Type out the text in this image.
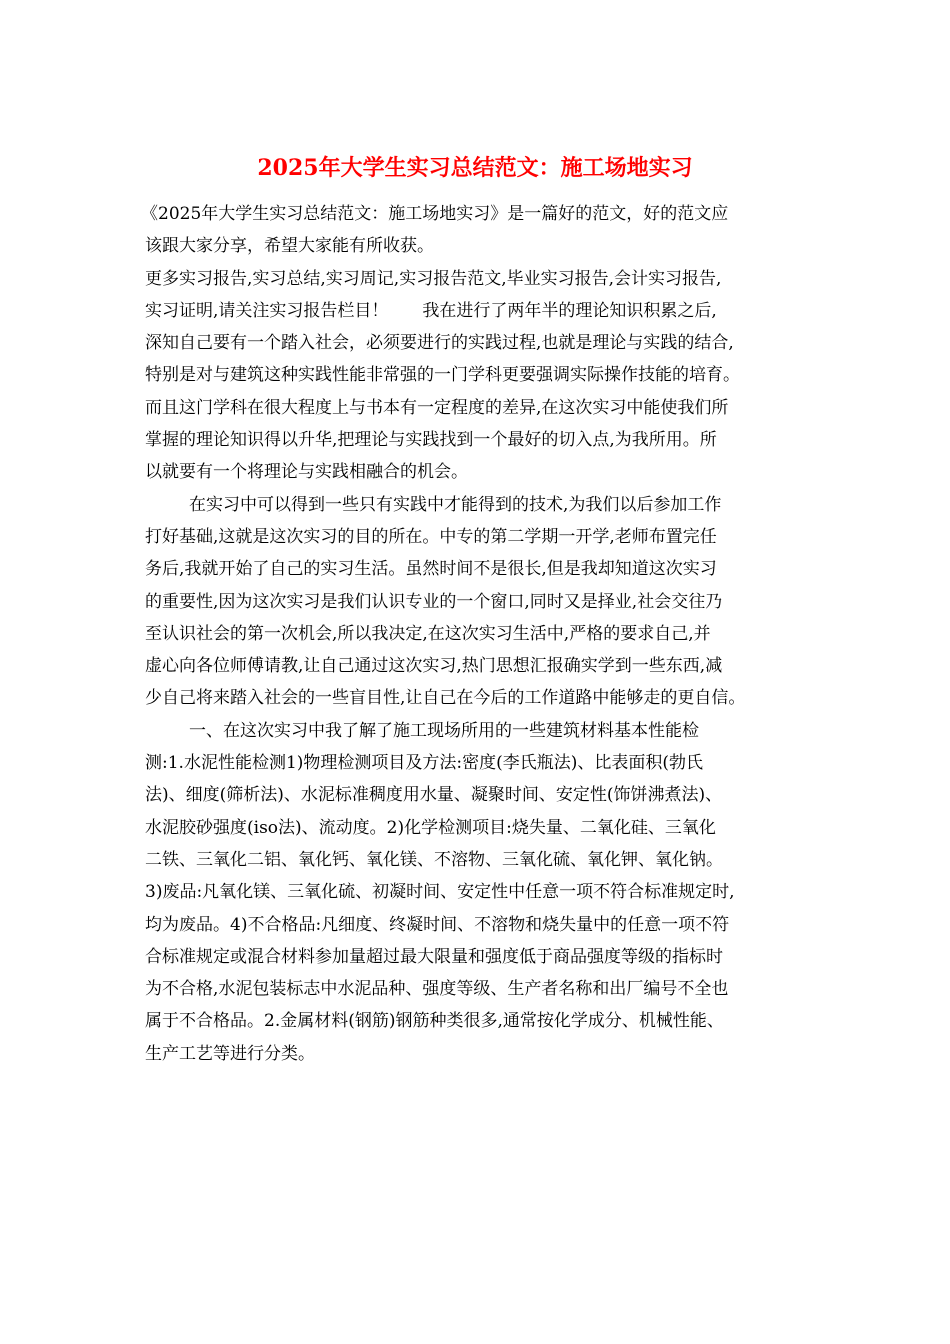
2025年大学生实习总结范文：施工场地实习
《2025年大学生实习总结范文：施工场地实习》是一篇好的范文，好的范文应
该跟大家分享，希望大家能有所收获。
更多实习报告,实习总结,实习周记,实习报告范文,毕业实习报告,会计实习报告,
实习证明,请关注实习报告栏目！　　我在进行了两年半的理论知识积累之后,
深知自己要有一个踏入社会，必须要进行的实践过程,也就是理论与实践的结合,
特别是对与建筑这种实践性能非常强的一门学科更要强调实际操作技能的培育。
而且这门学科在很大程度上与书本有一定程度的差异,在这次实习中能使我们所
掌握的理论知识得以升华,把理论与实践找到一个最好的切入点,为我所用。所
以就要有一个将理论与实践相融合的机会。
在实习中可以得到一些只有实践中才能得到的技术,为我们以后参加工作
打好基础,这就是这次实习的目的所在。中专的第二学期一开学,老师布置完任
务后,我就开始了自己的实习生活。虽然时间不是很长,但是我却知道这次实习
的重要性,因为这次实习是我们认识专业的一个窗口,同时又是择业,社会交往乃
至认识社会的第一次机会,所以我决定,在这次实习生活中,严格的要求自己,并
虚心向各位师傅请教,让自己通过这次实习,热门思想汇报确实学到一些东西,减
少自己将来踏入社会的一些盲目性,让自己在今后的工作道路中能够走的更自信。
一、在这次实习中我了解了施工现场所用的一些建筑材料基本性能检
测:1.水泥性能检测1)物理检测项目及方法:密度(李氏瓶法)、比表面积(勃氏
法)、细度(筛析法)、水泥标准稠度用水量、凝聚时间、安定性(饰饼沸煮法)、
水泥胶砂强度(iso法)、流动度。2)化学检测项目:烧失量、二氧化硅、三氧化
二铁、三氧化二铝、氧化钙、氧化镁、不溶物、三氧化硫、氧化钾、氧化钠。
3)废品:凡氧化镁、三氧化硫、初凝时间、安定性中任意一项不符合标准规定时,
均为废品。4)不合格品:凡细度、终凝时间、不溶物和烧失量中的任意一项不符
合标准规定或混合材料参加量超过最大限量和强度低于商品强度等级的指标时
为不合格,水泥包装标志中水泥品种、强度等级、生产者名称和出厂编号不全也
属于不合格品。2.金属材料(钢筋)钢筋种类很多,通常按化学成分、机械性能、
生产工艺等进行分类。
